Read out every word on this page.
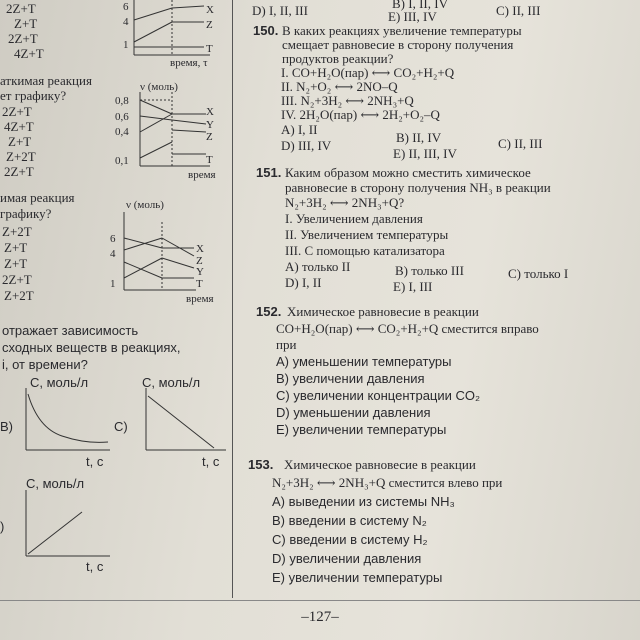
2Z+T
Z+T
2Z+T
4Z+T
6
4
1
X
Z
T
время, τ
аткимая реакция
ет графику?
2Z+T
4Z+T
Z+T
Z+2T
2Z+T
ν (моль)
0,8
0,6
0,4
0,1
X
Y
Z
T
время
имая реакция
графику?
Z+2T
Z+T
Z+T
2Z+T
Z+2T
ν (моль)
6
4
1
X
Z
Y
T
время
отражает зависимость
сходных веществ в реакциях,
і, от времени?
B)
C, моль/л
t, c
C)
C, моль/л
t, c
)
C, моль/л
t, c
D) I, II, III	B) I, II, IV
E) III, IV	C) II, III
150. В каких реакциях увеличение температуры
смещает равновесие в сторону получения
продуктов реакции?
I. CO+H₂O(пар) ⟷ CO₂+H₂+Q
II. N₂+O₂ ⟷ 2NO–Q
III. N₂+3H₂ ⟷ 2NH₃+Q
IV. 2H₂O(пар) ⟷ 2H₂+O₂–Q
A) I, II
B) II, IV	C) II, III
D) III, IV
E) II, III, IV
151. Каким образом можно сместить химическое
равновесие в сторону получения NH₃ в реакции
N₂+3H₂ ⟷ 2NH₃+Q?
I. Увеличением давления
II. Увеличением температуры
III. С помощью катализатора
A) только II	B) только III	C) только I
D) I, II	E) I, III
152. Химическое равновесие в реакции
CO+H₂O(пар) ⟷ CO₂+H₂+Q сместится вправо
при
A) уменьшении температуры
B) увеличении давления
C) увеличении концентрации CO₂
D) уменьшении давления
E) увеличении температуры
153. Химическое равновесие в реакции
N₂+3H₂ ⟷ 2NH₃+Q сместится влево при
A) выведении из системы NH₃
B) введении в систему N₂
C) введении в систему H₂
D) увеличении давления
E) увеличении температуры
–127–
